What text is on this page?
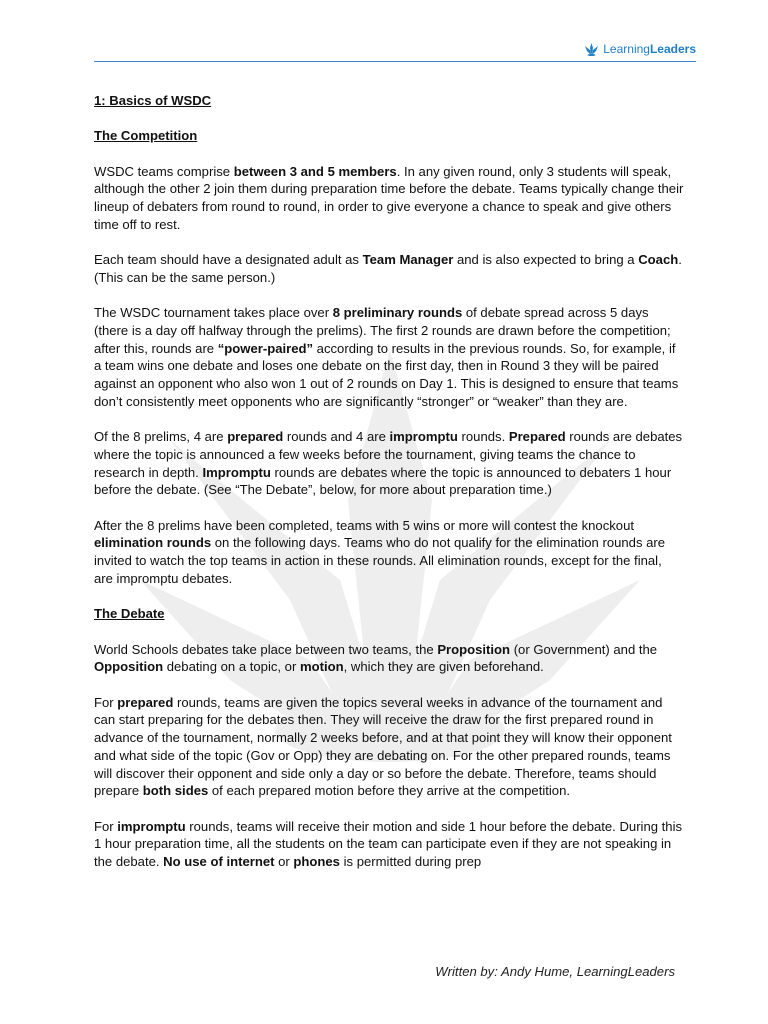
LearningLeaders

1: Basics of WSDC

The Competition

WSDC teams comprise between 3 and 5 members. In any given round, only 3 students will speak, although the other 2 join them during preparation time before the debate. Teams typically change their lineup of debaters from round to round, in order to give everyone a chance to speak and give others time off to rest.

Each team should have a designated adult as Team Manager and is also expected to bring a Coach. (This can be the same person.)

The WSDC tournament takes place over 8 preliminary rounds of debate spread across 5 days (there is a day off halfway through the prelims). The first 2 rounds are drawn before the competition; after this, rounds are “power-paired” according to results in the previous rounds. So, for example, if a team wins one debate and loses one debate on the first day, then in Round 3 they will be paired against an opponent who also won 1 out of 2 rounds on Day 1. This is designed to ensure that teams don’t consistently meet opponents who are significantly “stronger” or “weaker” than they are.

Of the 8 prelims, 4 are prepared rounds and 4 are impromptu rounds. Prepared rounds are debates where the topic is announced a few weeks before the tournament, giving teams the chance to research in depth. Impromptu rounds are debates where the topic is announced to debaters 1 hour before the debate. (See “The Debate”, below, for more about preparation time.)

After the 8 prelims have been completed, teams with 5 wins or more will contest the knockout elimination rounds on the following days. Teams who do not qualify for the elimination rounds are invited to watch the top teams in action in these rounds. All elimination rounds, except for the final, are impromptu debates.

The Debate

World Schools debates take place between two teams, the Proposition (or Government) and the Opposition debating on a topic, or motion, which they are given beforehand.

For prepared rounds, teams are given the topics several weeks in advance of the tournament and can start preparing for the debates then. They will receive the draw for the first prepared round in advance of the tournament, normally 2 weeks before, and at that point they will know their opponent and what side of the topic (Gov or Opp) they are debating on. For the other prepared rounds, teams will discover their opponent and side only a day or so before the debate. Therefore, teams should prepare both sides of each prepared motion before they arrive at the competition.

For impromptu rounds, teams will receive their motion and side 1 hour before the debate. During this 1 hour preparation time, all the students on the team can participate even if they are not speaking in the debate. No use of internet or phones is permitted during prep

Written by: Andy Hume, LearningLeaders
